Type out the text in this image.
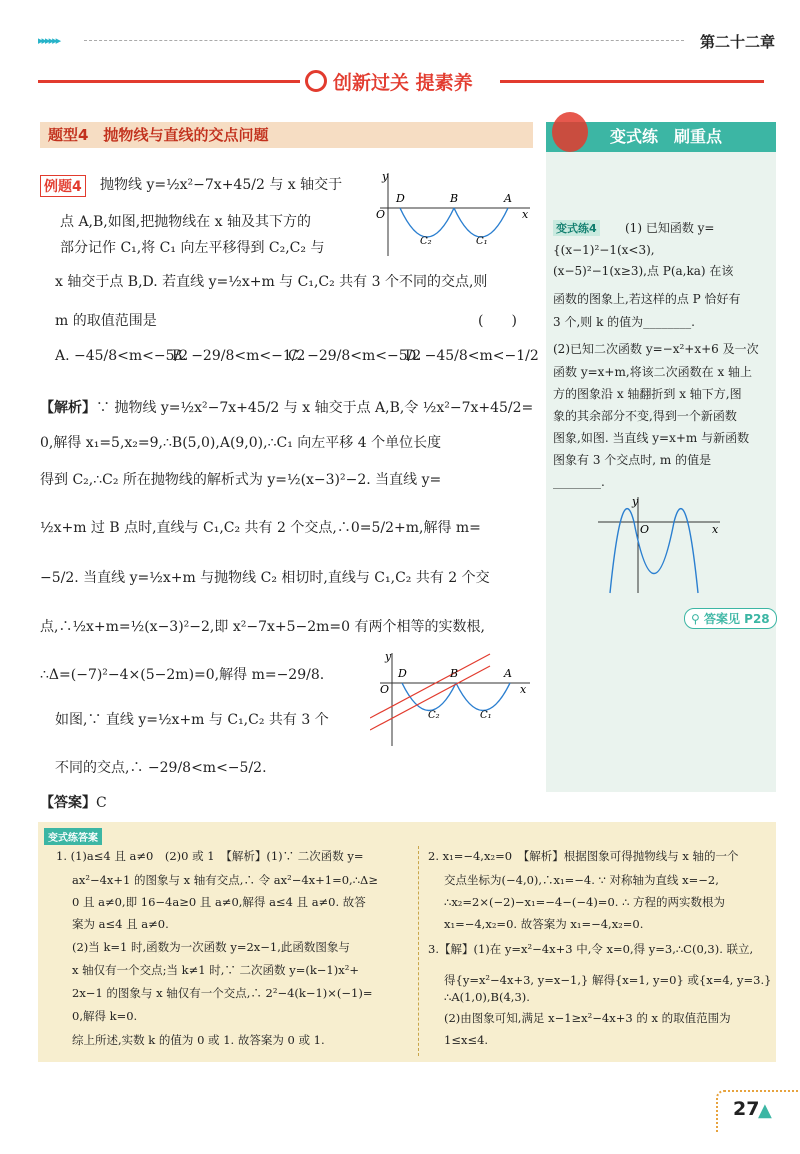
▸▸▸▸▸▸	第二十二章
创新过关 提素养
题型4　抛物线与直线的交点问题	变式练　刷重点
例题4 抛物线 y=½x²−7x+45/2 与 x 轴交于
点 A,B,如图,把抛物线在 x 轴及其下方的
部分记作 C₁,将 C₁ 向左平移得到 C₂,C₂ 与
x 轴交于点 B,D. 若直线 y=½x+m 与 C₁,C₂ 共有 3 个不同的交点,则
m 的取值范围是	(　　)
A. −45/8<m<−5/2
B. −29/8<m<−1/2
C. −29/8<m<−5/2
D. −45/8<m<−1/2
y
x
O
D	B	A
C₂	C₁
【解析】∵ 抛物线 y=½x²−7x+45/2 与 x 轴交于点 A,B,令 ½x²−7x+45/2=
0,解得 x₁=5,x₂=9,∴B(5,0),A(9,0),∴C₁ 向左平移 4 个单位长度
得到 C₂,∴C₂ 所在抛物线的解析式为 y=½(x−3)²−2. 当直线 y=
½x+m 过 B 点时,直线与 C₁,C₂ 共有 2 个交点,∴0=5/2+m,解得 m=
−5/2. 当直线 y=½x+m 与抛物线 C₂ 相切时,直线与 C₁,C₂ 共有 2 个交
点,∴½x+m=½(x−3)²−2,即 x²−7x+5−2m=0 有两个相等的实数根,
∴Δ=(−7)²−4×(5−2m)=0,解得 m=−29/8.
如图,∵ 直线 y=½x+m 与 C₁,C₂ 共有 3 个
不同的交点,∴ −29/8<m<−5/2.
y
x
O
D	B	A
C₂	C₁
【答案】C
变式练4 (1) 已知函数 y=
{(x−1)²−1(x<3),
(x−5)²−1(x≥3),点 P(a,ka) 在该
函数的图象上,若这样的点 P 恰好有
3 个,则 k 的值为________.
(2)已知二次函数 y=−x²+x+6 及一次
函数 y=x+m,将该二次函数在 x 轴上
方的图象沿 x 轴翻折到 x 轴下方,图
象的其余部分不变,得到一个新函数
图象,如图. 当直线 y=x+m 与新函数
图象有 3 个交点时, m 的值是
________.
y
x
O
⚲ 答案见 P28
变式练答案
1. (1)a≤4 且 a≠0　(2)0 或 1　【解析】(1)∵ 二次函数 y=
ax²−4x+1 的图象与 x 轴有交点,∴ 令 ax²−4x+1=0,∴Δ≥
0 且 a≠0,即 16−4a≥0 且 a≠0,解得 a≤4 且 a≠0. 故答
案为 a≤4 且 a≠0.
(2)当 k=1 时,函数为一次函数 y=2x−1,此函数图象与
x 轴仅有一个交点;当 k≠1 时,∵ 二次函数 y=(k−1)x²+
2x−1 的图象与 x 轴仅有一个交点,∴ 2²−4(k−1)×(−1)=
0,解得 k=0.
综上所述,实数 k 的值为 0 或 1. 故答案为 0 或 1.
2. x₁=−4,x₂=0　【解析】根据图象可得抛物线与 x 轴的一个
交点坐标为(−4,0),∴x₁=−4. ∵ 对称轴为直线 x=−2,
∴x₂=2×(−2)−x₁=−4−(−4)=0. ∴ 方程的两实数根为
x₁=−4,x₂=0. 故答案为 x₁=−4,x₂=0.
3.【解】(1)在 y=x²−4x+3 中,令 x=0,得 y=3,∴C(0,3). 联立,
得{y=x²−4x+3, y=x−1,} 解得{x=1, y=0} 或{x=4, y=3.} ∴A(1,0),B(4,3).
(2)由图象可知,满足 x−1≥x²−4x+3 的 x 的取值范围为
1≤x≤4.
27
▲
